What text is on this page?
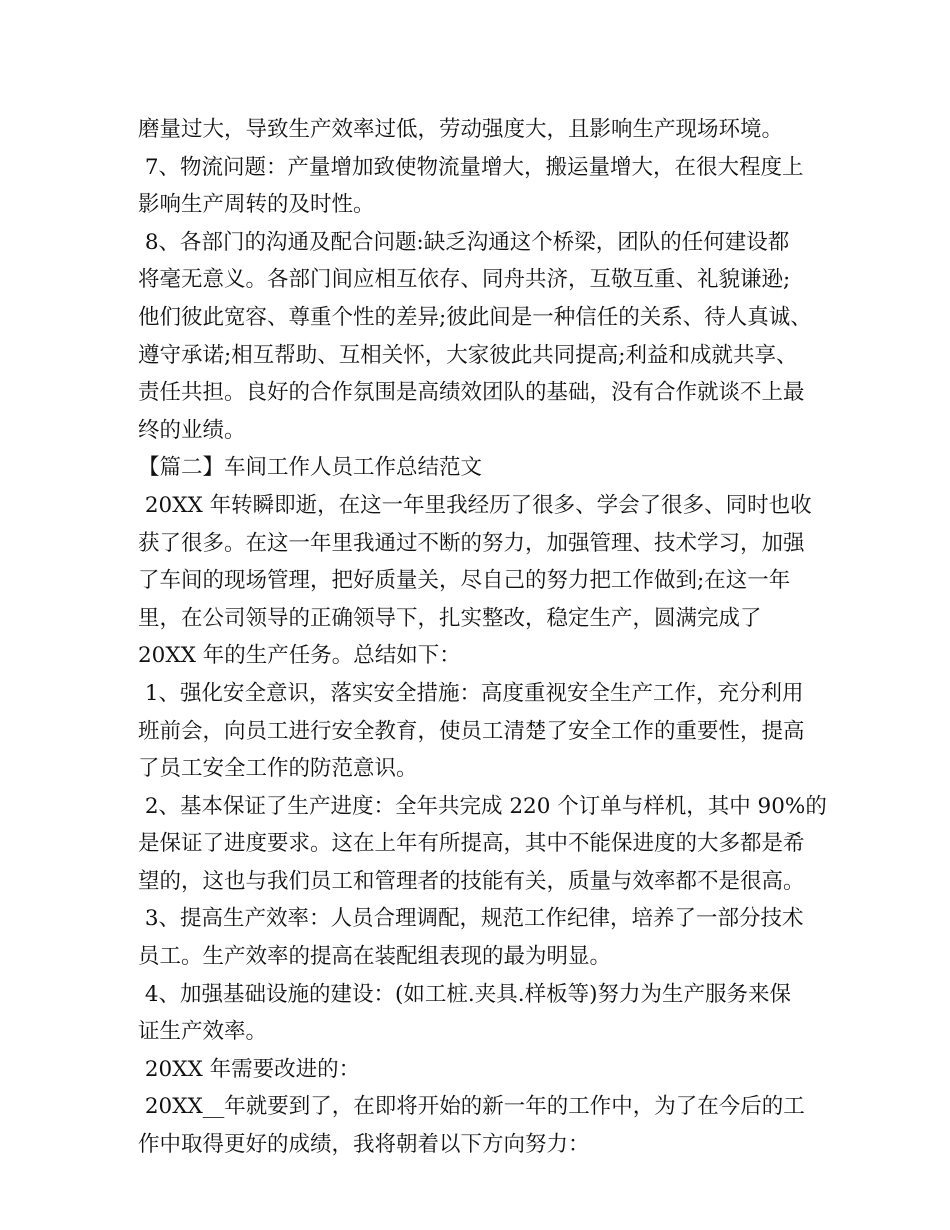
磨量过大，导致生产效率过低，劳动强度大，且影响生产现场环境。
7、物流问题：产量增加致使物流量增大，搬运量增大，在很大程度上
影响生产周转的及时性。
8、各部门的沟通及配合问题:缺乏沟通这个桥梁，团队的任何建设都
将毫无意义。各部门间应相互依存、同舟共济，互敬互重、礼貌谦逊;
他们彼此宽容、尊重个性的差异;彼此间是一种信任的关系、待人真诚、
遵守承诺;相互帮助、互相关怀，大家彼此共同提高;利益和成就共享、
责任共担。良好的合作氛围是高绩效团队的基础，没有合作就谈不上最
终的业绩。
【篇二】车间工作人员工作总结范文
20XX 年转瞬即逝，在这一年里我经历了很多、学会了很多、同时也收
获了很多。在这一年里我通过不断的努力，加强管理、技术学习，加强
了车间的现场管理，把好质量关，尽自己的努力把工作做到;在这一年
里，在公司领导的正确领导下，扎实整改，稳定生产，圆满完成了
20XX 年的生产任务。总结如下：
1、强化安全意识，落实安全措施：高度重视安全生产工作，充分利用
班前会，向员工进行安全教育，使员工清楚了安全工作的重要性，提高
了员工安全工作的防范意识。
2、基本保证了生产进度：全年共完成 220 个订单与样机，其中 90%的
是保证了进度要求。这在上年有所提高，其中不能保进度的大多都是希
望的，这也与我们员工和管理者的技能有关，质量与效率都不是很高。
3、提高生产效率：人员合理调配，规范工作纪律，培养了一部分技术
员工。生产效率的提高在装配组表现的最为明显。
4、加强基础设施的建设：(如工桩.夹具.样板等)努力为生产服务来保
证生产效率。
20XX 年需要改进的：
20XX__年就要到了，在即将开始的新一年的工作中，为了在今后的工
作中取得更好的成绩，我将朝着以下方向努力：
